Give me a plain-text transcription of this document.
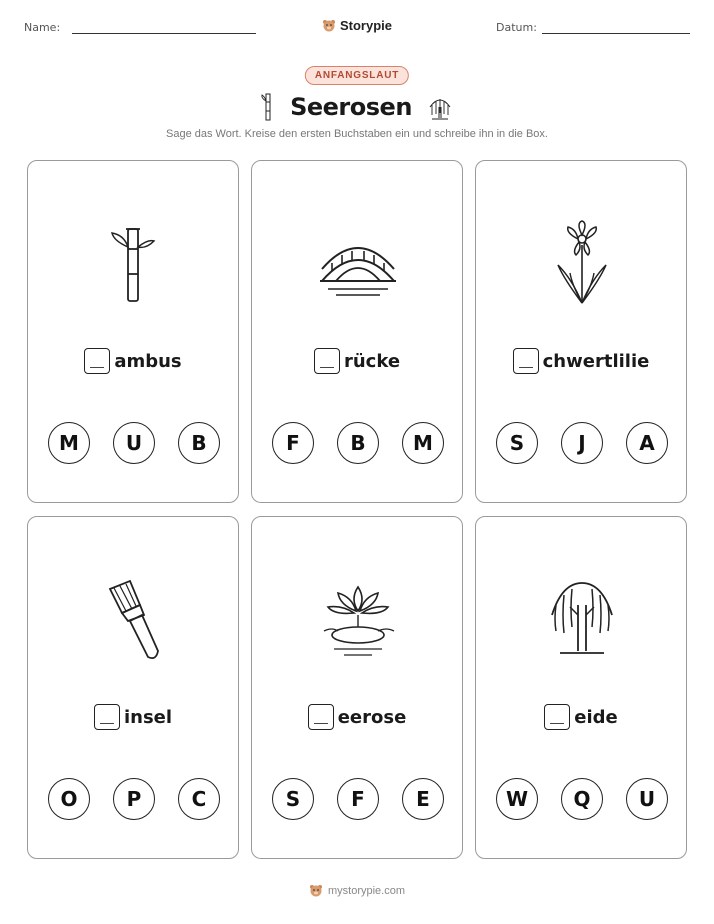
Name:	Storypie	Datum:
ANFANGSLAUT
Seerosen
Sage das Wort. Kreise den ersten Buchstaben ein und schreibe ihn in die Box.
ambus
M	U	B
rücke
F	B	M
chwertlilie
S	J	A
insel
O	P	C
eerose
S	F	E
eide
W	Q	U
mystorypie.com
